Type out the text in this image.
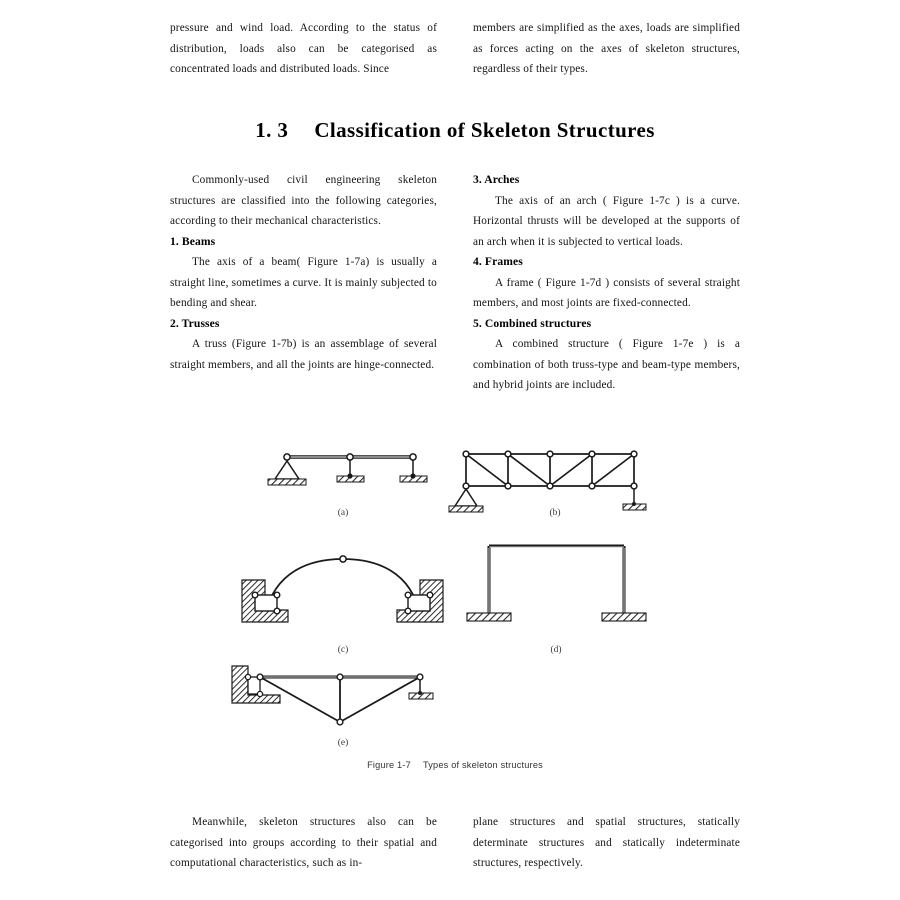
pressure and wind load. According to the status of distribution, loads also can be categorised as concentrated loads and distributed loads. Since

members are simplified as the axes, loads are simplified as forces acting on the axes of skeleton structures, regardless of their types.

1. 3 Classification of Skeleton Structures

Commonly-used civil engineering skeleton structures are classified into the following categories, according to their mechanical characteristics.

1. Beams

The axis of a beam( Figure 1-7a) is usually a straight line, sometimes a curve. It is mainly subjected to bending and shear.

2. Trusses

A truss (Figure 1-7b) is an assemblage of several straight members, and all the joints are hinge-connected.

3. Arches

The axis of an arch ( Figure 1-7c ) is a curve. Horizontal thrusts will be developed at the supports of an arch when it is subjected to vertical loads.

4. Frames

A frame ( Figure 1-7d ) consists of several straight members, and most joints are fixed-connected.

5. Combined structures

A combined structure ( Figure 1-7e ) is a combination of both truss-type and beam-type members, and hybrid joints are included.

(a)	(b)
(c)	(d)
(e)
Figure 1-7 Types of skeleton structures

Meanwhile, skeleton structures also can be categorised into groups according to their spatial and computational characteristics, such as in-

plane structures and spatial structures, statically determinate structures and statically indeterminate structures, respectively.
